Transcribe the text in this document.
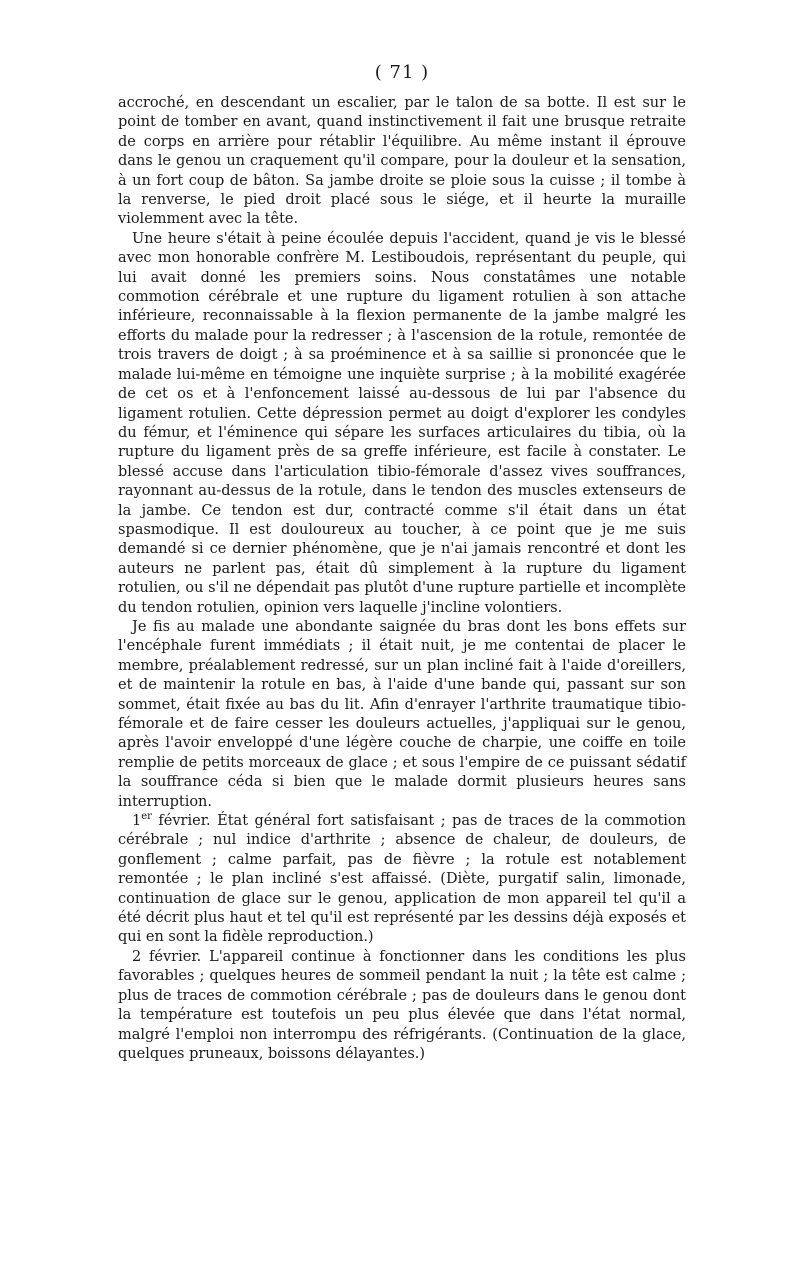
( 71 )

accroché, en descendant un escalier, par le talon de sa botte. Il est sur le point de tomber en avant, quand instinctivement il fait une brusque retraite de corps en arrière pour rétablir l'équilibre. Au même instant il éprouve dans le genou un craquement qu'il compare, pour la douleur et la sensation, à un fort coup de bâton. Sa jambe droite se ploie sous la cuisse ; il tombe à la renverse, le pied droit placé sous le siége, et il heurte la muraille violemment avec la tête.

Une heure s'était à peine écoulée depuis l'accident, quand je vis le blessé avec mon honorable confrère M. Lestiboudois, représentant du peuple, qui lui avait donné les premiers soins. Nous constatâmes une notable commotion cérébrale et une rupture du ligament rotulien à son attache inférieure, reconnaissable à la flexion permanente de la jambe malgré les efforts du malade pour la redresser ; à l'ascension de la rotule, remontée de trois travers de doigt ; à sa proéminence et à sa saillie si prononcée que le malade lui-même en témoigne une inquiète surprise ; à la mobilité exagérée de cet os et à l'enfoncement laissé au-dessous de lui par l'absence du ligament rotulien. Cette dépression permet au doigt d'explorer les condyles du fémur, et l'éminence qui sépare les surfaces articulaires du tibia, où la rupture du ligament près de sa greffe inférieure, est facile à constater. Le blessé accuse dans l'articulation tibio-fémorale d'assez vives souffrances, rayonnant au-dessus de la rotule, dans le tendon des muscles extenseurs de la jambe. Ce tendon est dur, contracté comme s'il était dans un état spasmodique. Il est douloureux au toucher, à ce point que je me suis demandé si ce dernier phénomène, que je n'ai jamais rencontré et dont les auteurs ne parlent pas, était dû simplement à la rupture du ligament rotulien, ou s'il ne dépendait pas plutôt d'une rupture partielle et incomplète du tendon rotulien, opinion vers laquelle j'incline volontiers.

Je fis au malade une abondante saignée du bras dont les bons effets sur l'encéphale furent immédiats ; il était nuit, je me contentai de placer le membre, préalablement redressé, sur un plan incliné fait à l'aide d'oreillers, et de maintenir la rotule en bas, à l'aide d'une bande qui, passant sur son sommet, était fixée au bas du lit. Afin d'enrayer l'arthrite traumatique tibio-fémorale et de faire cesser les douleurs actuelles, j'appliquai sur le genou, après l'avoir enveloppé d'une légère couche de charpie, une coiffe en toile remplie de petits morceaux de glace ; et sous l'empire de ce puissant sédatif la souffrance céda si bien que le malade dormit plusieurs heures sans interruption.

1er février. État général fort satisfaisant ; pas de traces de la commotion cérébrale ; nul indice d'arthrite ; absence de chaleur, de douleurs, de gonflement ; calme parfait, pas de fièvre ; la rotule est notablement remontée ; le plan incliné s'est affaissé. (Diète, purgatif salin, limonade, continuation de glace sur le genou, application de mon appareil tel qu'il a été décrit plus haut et tel qu'il est représenté par les dessins déjà exposés et qui en sont la fidèle reproduction.)

2 février. L'appareil continue à fonctionner dans les conditions les plus favorables ; quelques heures de sommeil pendant la nuit ; la tête est calme ; plus de traces de commotion cérébrale ; pas de douleurs dans le genou dont la température est toutefois un peu plus élevée que dans l'état normal, malgré l'emploi non interrompu des réfrigérants. (Continuation de la glace, quelques pruneaux, boissons délayantes.)
